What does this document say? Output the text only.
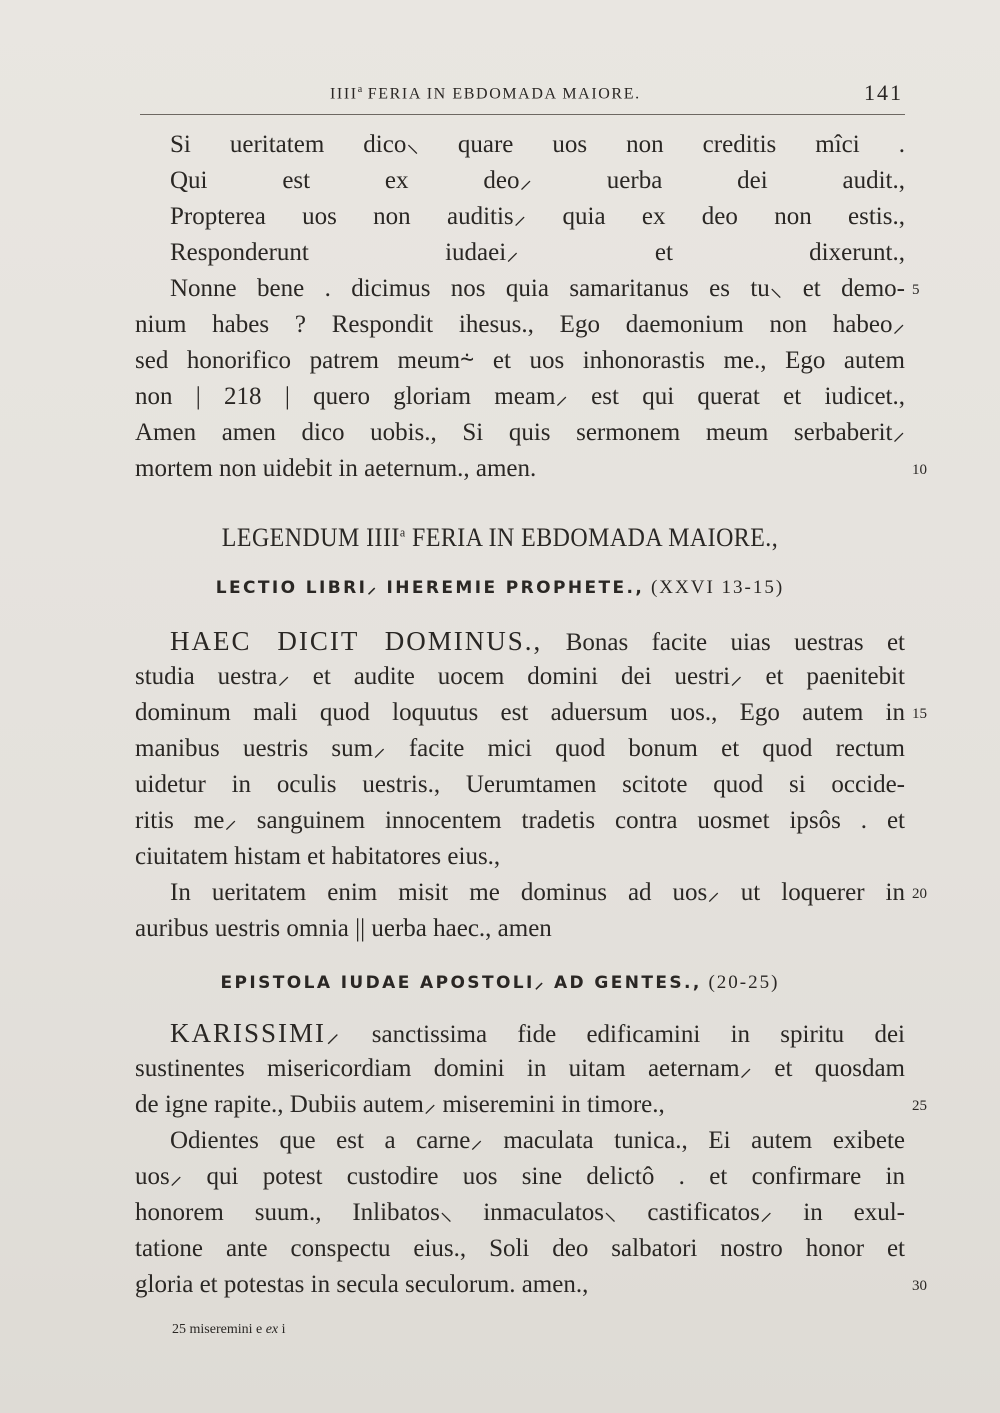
IIII$^a$ FERIA IN EBDOMADA MAIORE.	141
Si ueritatem dico⸜ quare uos non creditis mîci .
Qui est ex deo⸝ uerba dei audit.,
Propterea uos non auditis⸝ quia ex deo non estis.,
Responderunt iudaei⸝ et dixerunt.,
Nonne bene . dicimus nos quia samaritanus es tu⸜ et demo- 5
nium habes ? Respondit ihesus., Ego daemonium non habeo⸝
sed honorifico patrem meum⸞ et uos inhonorastis me., Ego autem
non | 218 | quero gloriam meam⸝ est qui querat et iudicet.,
Amen amen dico uobis., Si quis sermonem meum serbaberit⸝
mortem non uidebit in aeternum., amen.	10
LEGENDUM IIII$^a$ FERIA IN EBDOMADA MAIORE.,
LECTIO LIBRI⸝ IHEREMIE PROPHETE., (XXVI 13-15)
HAEC DICIT DOMINUS., Bonas facite uias uestras et
studia uestra⸝ et audite uocem domini dei uestri⸝ et paenitebit
dominum mali quod loquutus est aduersum uos., Ego autem in 15
manibus uestris sum⸝ facite mici quod bonum et quod rectum
uidetur in oculis uestris., Uerumtamen scitote quod si occide-
ritis me⸝ sanguinem innocentem tradetis contra uosmet ipsôs . et
ciuitatem histam et habitatores eius.,
In ueritatem enim misit me dominus ad uos⸝ ut loquerer in 20
auribus uestris omnia || uerba haec., amen
EPISTOLA IUDAE APOSTOLI⸝ AD GENTES., (20-25)
KARISSIMI⸝ sanctissima fide edificamini in spiritu dei
sustinentes misericordiam domini in uitam aeternam⸝ et quosdam
de igne rapite., Dubiis autem⸝ miseremini in timore.,	25
Odientes que est a carne⸝ maculata tunica., Ei autem exibete
uos⸝ qui potest custodire uos sine delictô . et confirmare in
honorem suum., Inlibatos⸜ inmaculatos⸜ castificatos⸝ in exul-
tatione ante conspectu eius., Soli deo salbatori nostro honor et
gloria et potestas in secula seculorum. amen.,	30
25 miseremini e ex i
